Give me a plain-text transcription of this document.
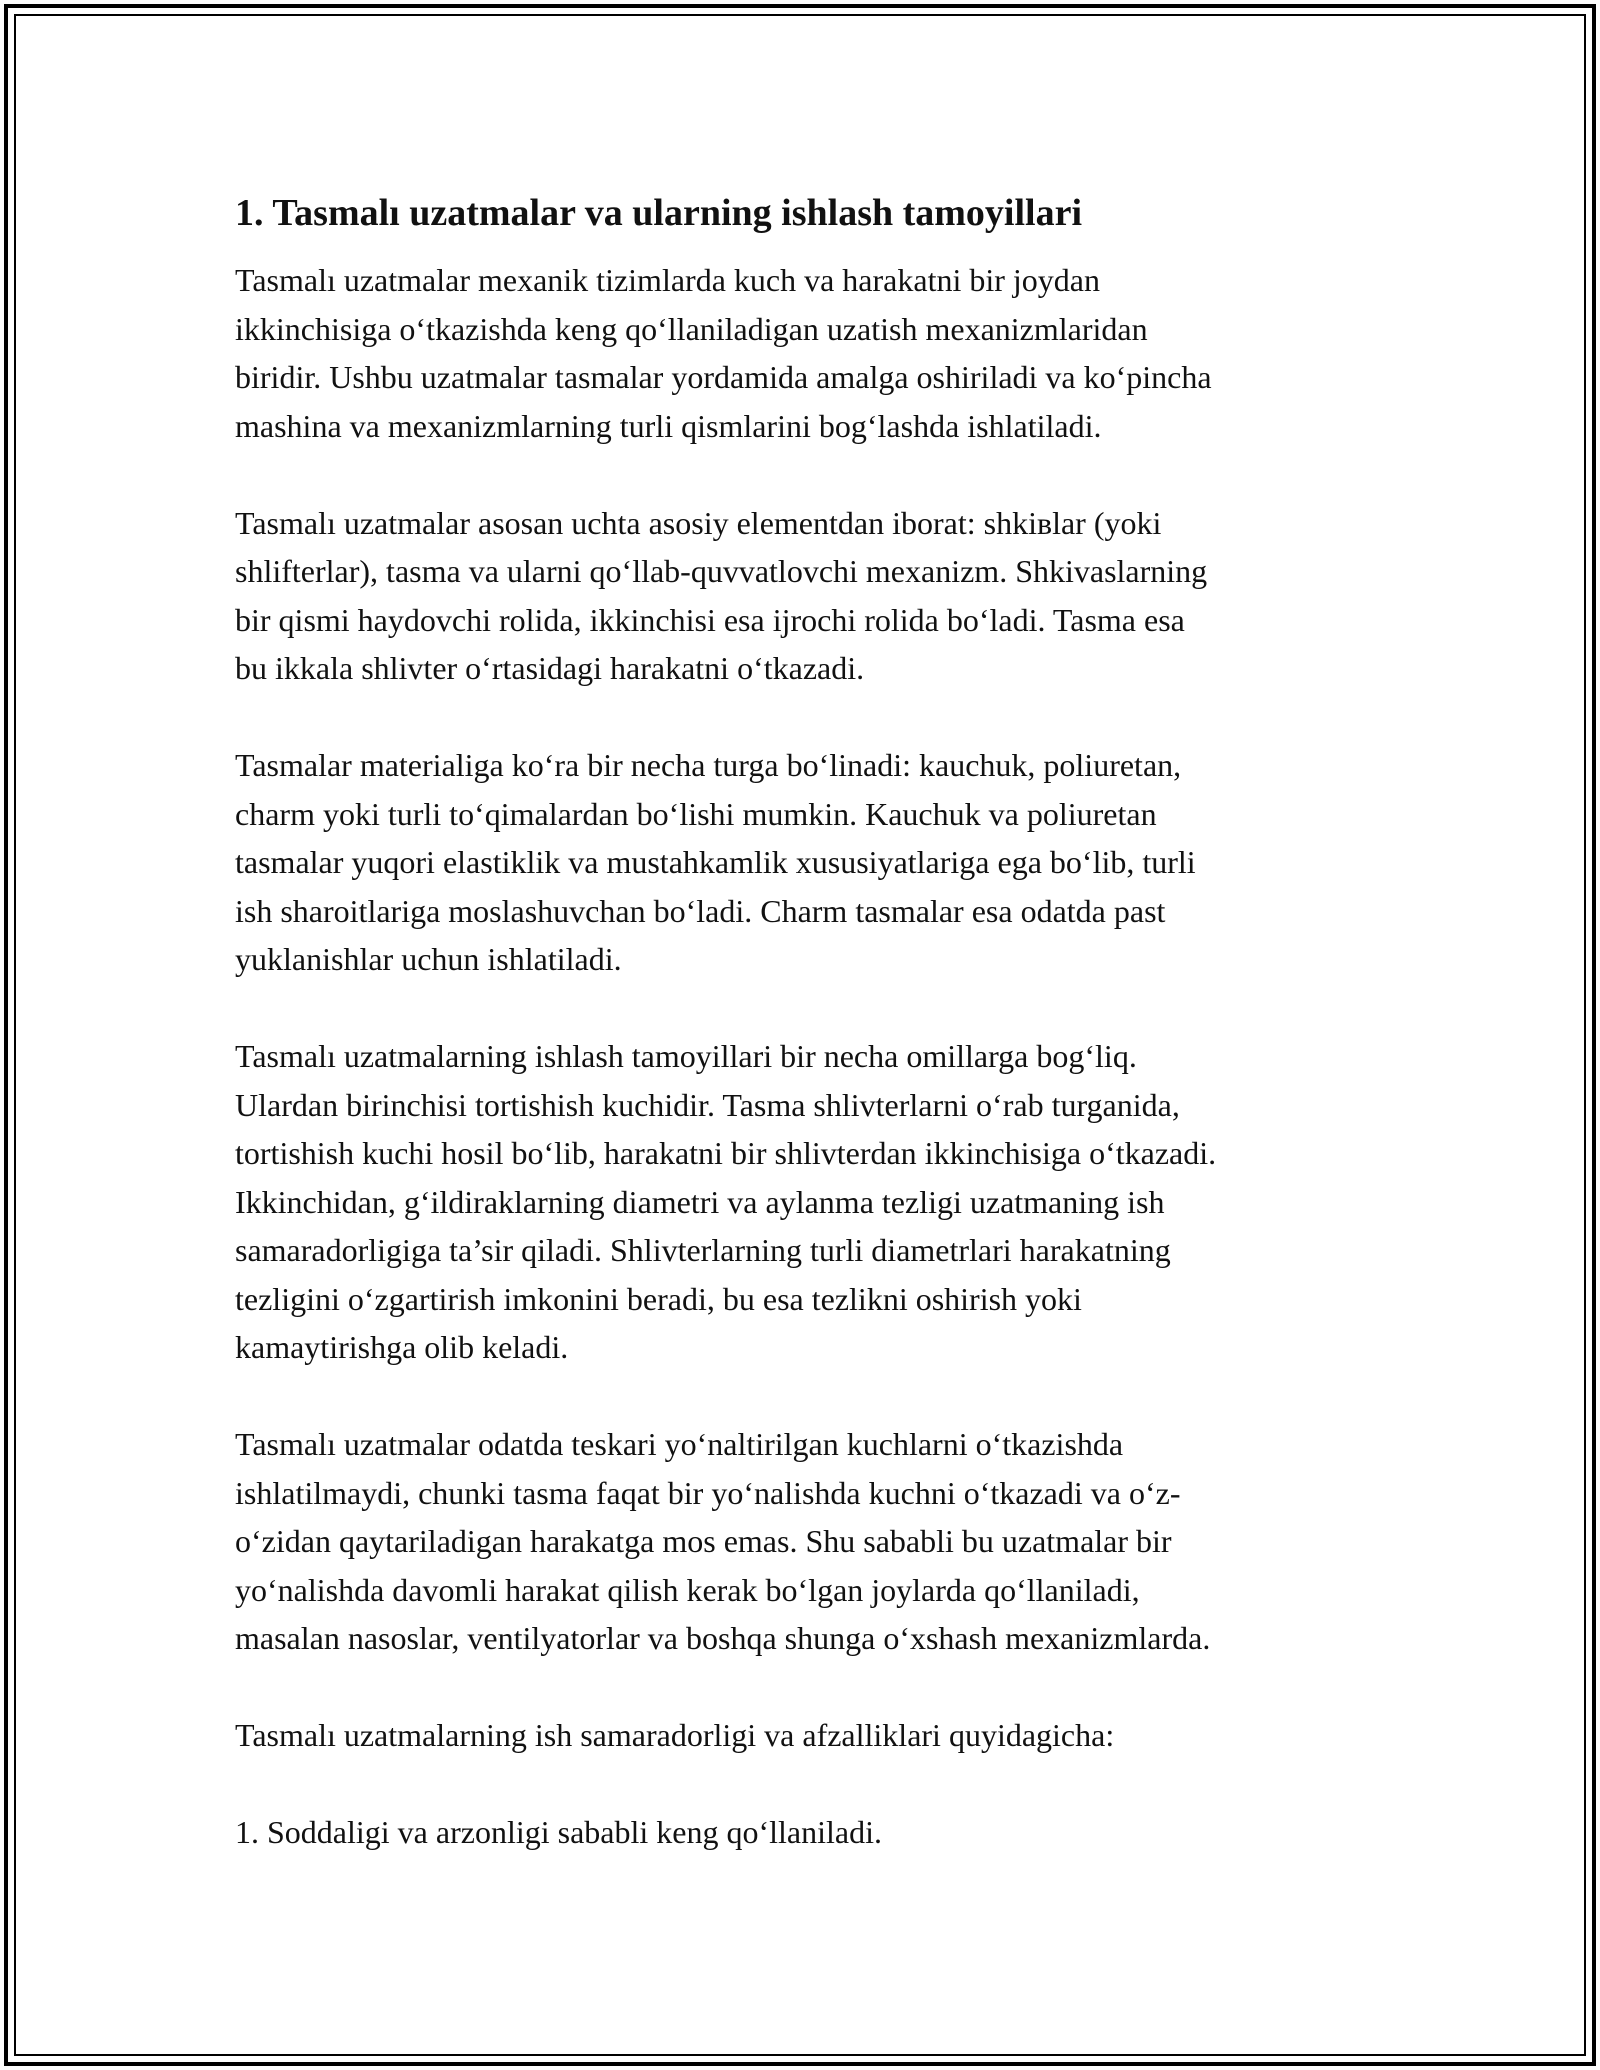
1. Tasmalı uzatmalar va ularning ishlash tamoyillari
Tasmalı uzatmalar mexanik tizimlarda kuch va harakatni bir joydan
ikkinchisiga o‘tkazishda keng qo‘llaniladigan uzatish mexanizmlaridan
biridir. Ushbu uzatmalar tasmalar yordamida amalga oshiriladi va ko‘pincha
mashina va mexanizmlarning turli qismlarini bog‘lashda ishlatiladi.
Tasmalı uzatmalar asosan uchta asosiy elementdan iborat: shkiвlar (yoki
shlifterlar), tasma va ularni qo‘llab-quvvatlovchi mexanizm. Shkivaslarning
bir qismi haydovchi rolida, ikkinchisi esa ijrochi rolida bo‘ladi. Tasma esa
bu ikkala shlivter o‘rtasidagi harakatni o‘tkazadi.
Tasmalar materialiga ko‘ra bir necha turga bo‘linadi: kauchuk, poliuretan,
charm yoki turli to‘qimalardan bo‘lishi mumkin. Kauchuk va poliuretan
tasmalar yuqori elastiklik va mustahkamlik xususiyatlariga ega bo‘lib, turli
ish sharoitlariga moslashuvchan bo‘ladi. Charm tasmalar esa odatda past
yuklanishlar uchun ishlatiladi.
Tasmalı uzatmalarning ishlash tamoyillari bir necha omillarga bog‘liq.
Ulardan birinchisi tortishish kuchidir. Tasma shlivterlarni o‘rab turganida,
tortishish kuchi hosil bo‘lib, harakatni bir shlivterdan ikkinchisiga o‘tkazadi.
Ikkinchidan, g‘ildiraklarning diametri va aylanma tezligi uzatmaning ish
samaradorligiga ta’sir qiladi. Shlivterlarning turli diametrlari harakatning
tezligini o‘zgartirish imkonini beradi, bu esa tezlikni oshirish yoki
kamaytirishga olib keladi.
Tasmalı uzatmalar odatda teskari yo‘naltirilgan kuchlarni o‘tkazishda
ishlatilmaydi, chunki tasma faqat bir yo‘nalishda kuchni o‘tkazadi va o‘z-
o‘zidan qaytariladigan harakatga mos emas. Shu sababli bu uzatmalar bir
yo‘nalishda davomli harakat qilish kerak bo‘lgan joylarda qo‘llaniladi,
masalan nasoslar, ventilyatorlar va boshqa shunga o‘xshash mexanizmlarda.
Tasmalı uzatmalarning ish samaradorligi va afzalliklari quyidagicha:
1. Soddaligi va arzonligi sababli keng qo‘llaniladi.
